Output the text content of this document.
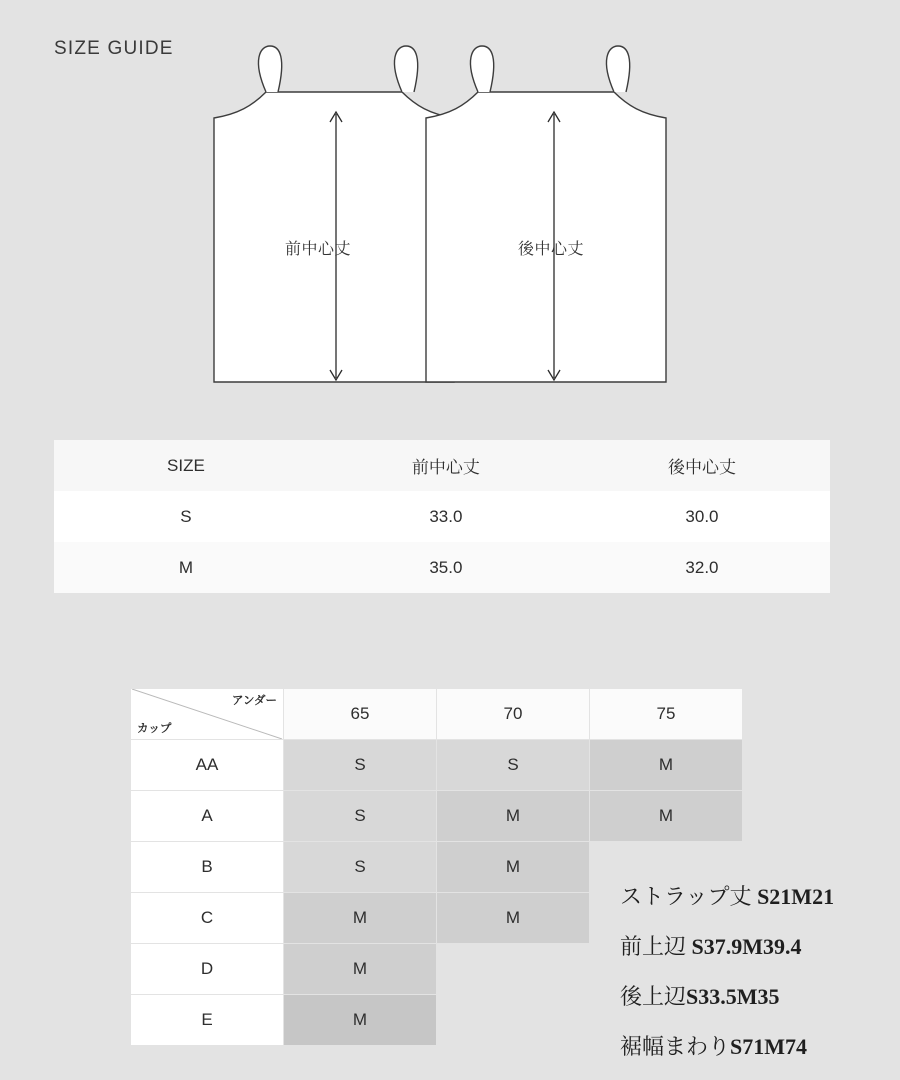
SIZE GUIDE
前中心丈	後中心丈
SIZE	前中心丈	後中心丈
S	33.0	30.0
M	35.0	32.0
アンダー
カップ	65	70	75
AA	S	S	M
A	S	M	M
B	S	M	
C	M	M	
D	M		
E	M		
ストラップ丈 S21M21
前上辺 S37.9M39.4
後上辺S33.5M35
裾幅まわりS71M74
